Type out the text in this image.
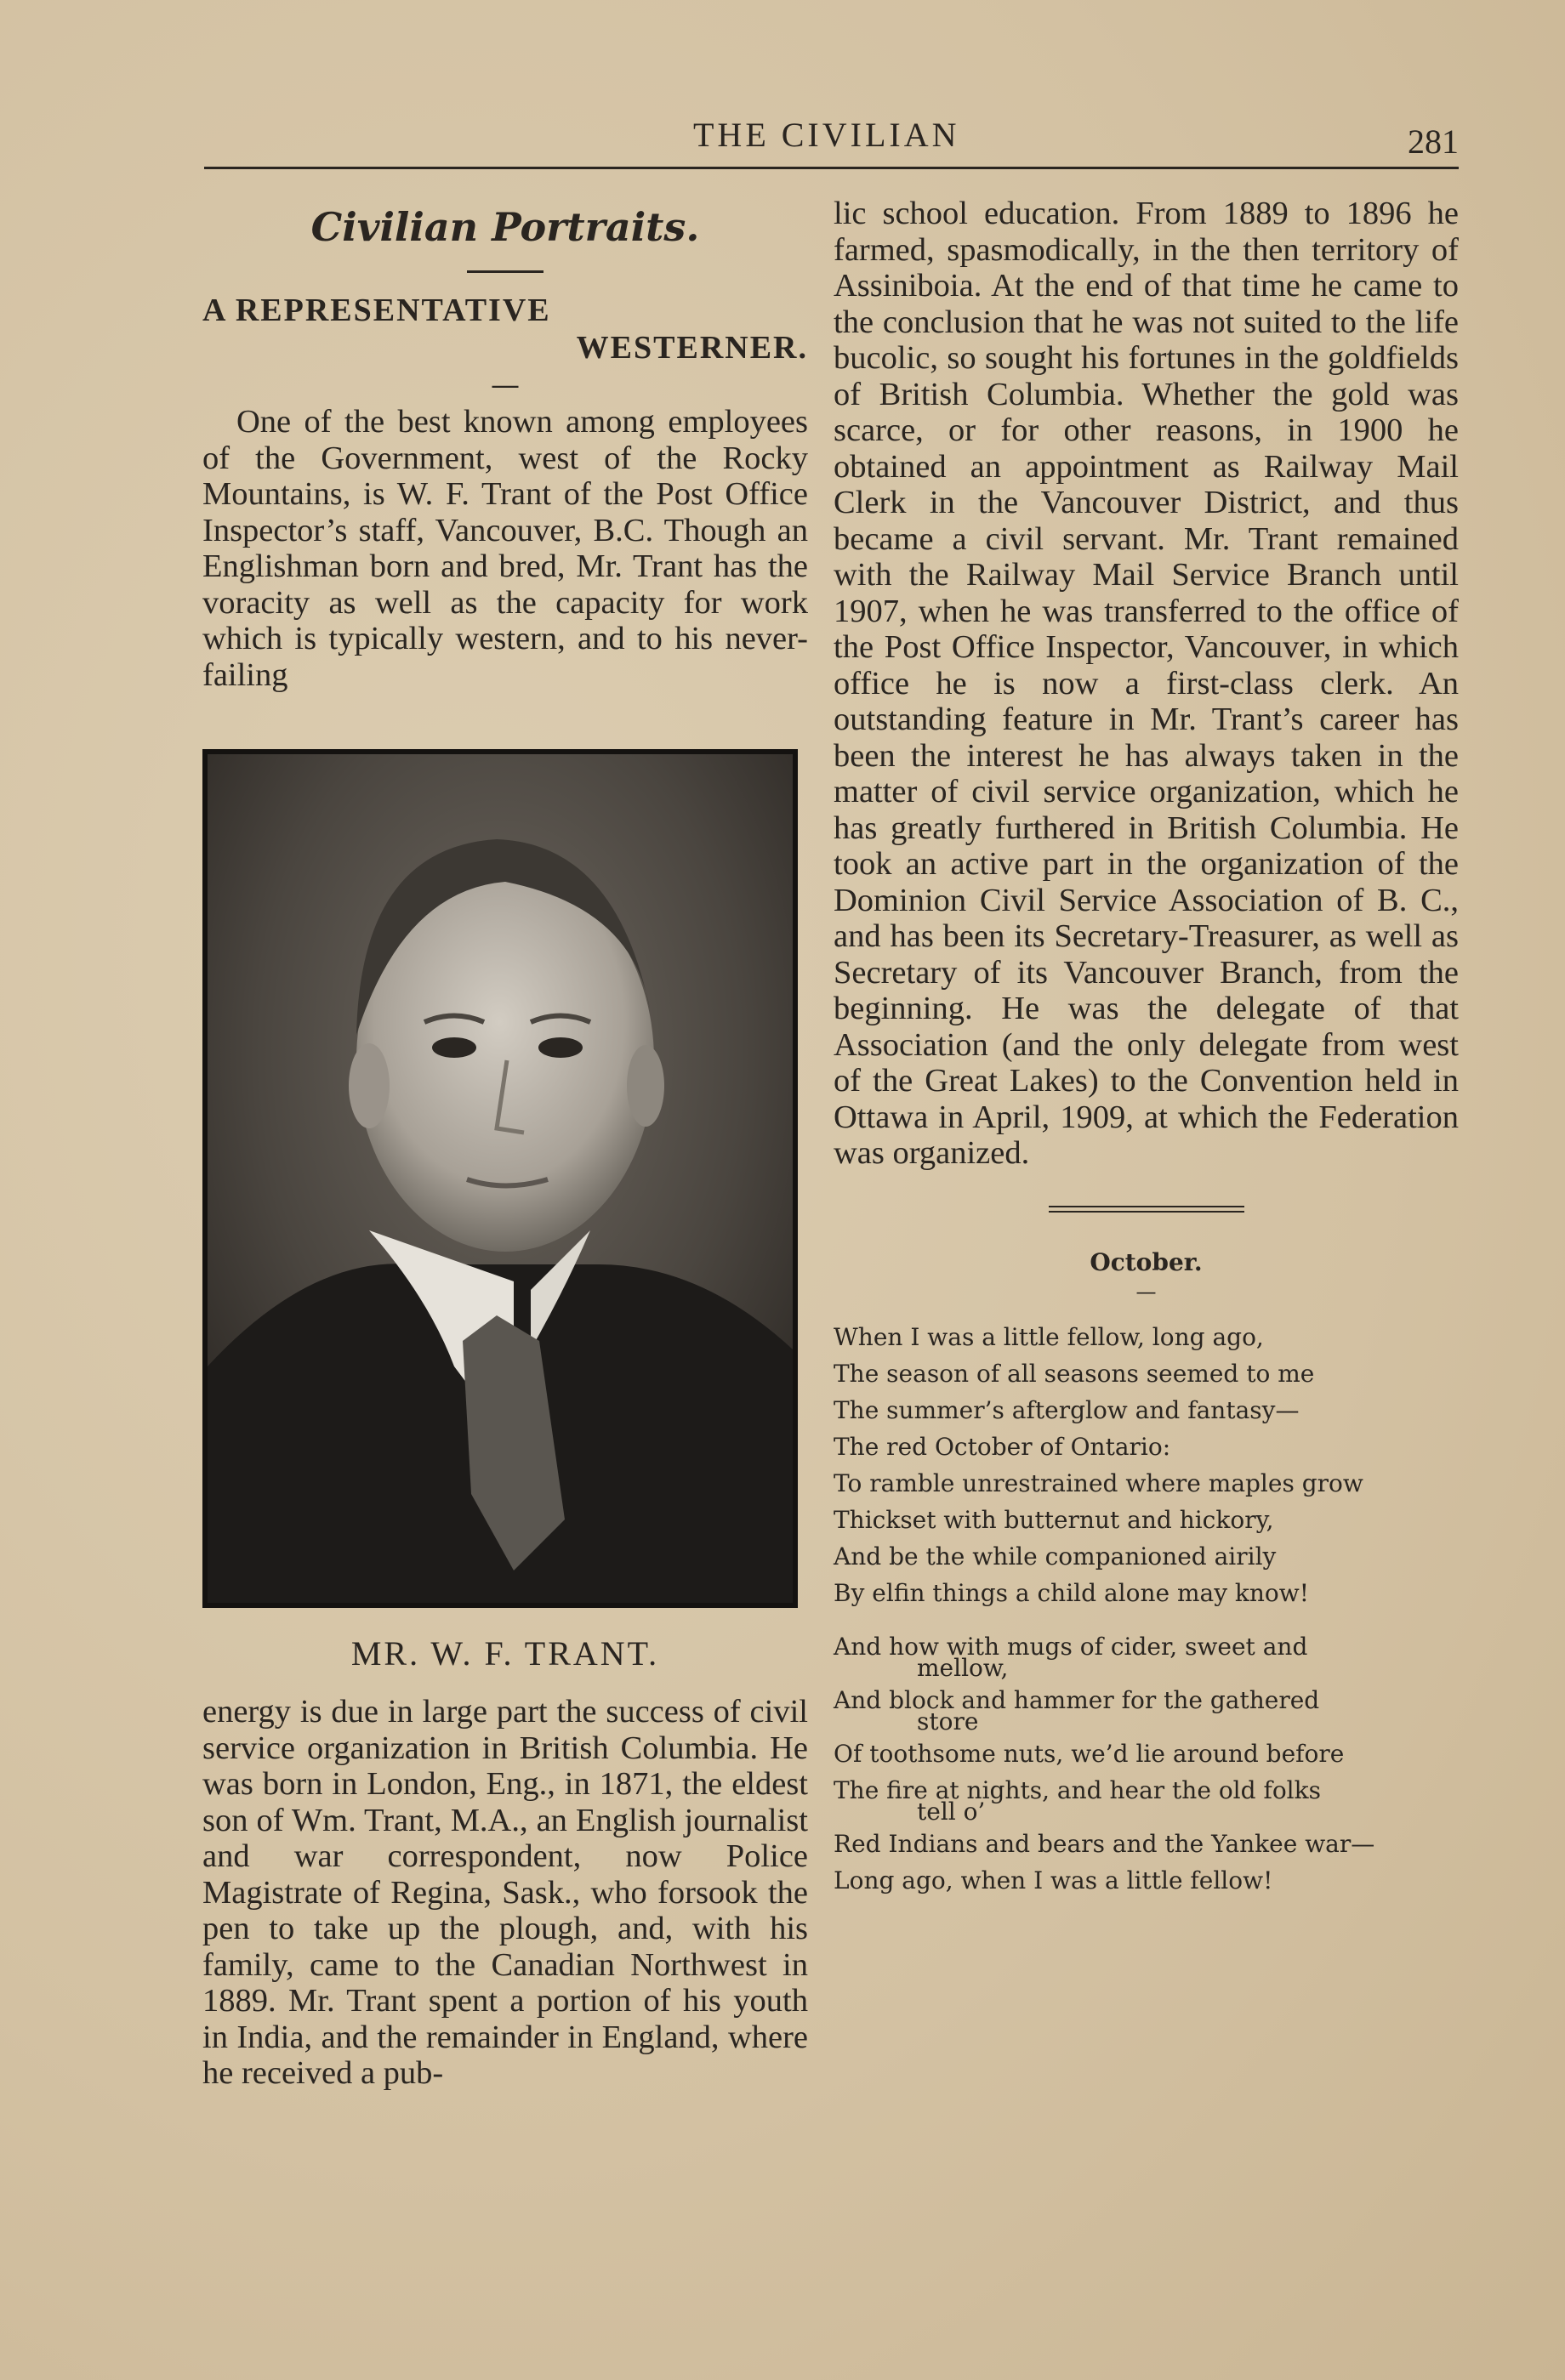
THE CIVILIAN	281
Civilian Portraits.

A REPRESENTATIVE

WESTERNER.

—

One of the best known among employees of the Government, west of the Rocky Mountains, is W. F. Trant of the Post Office Inspector’s staff, Vancouver, B.C. Though an Englishman born and bred, Mr. Trant has the voracity as well as the capacity for work which is typically western, and to his never-failing

MR. W. F. TRANT.

energy is due in large part the success of civil service organization in British Columbia. He was born in London, Eng., in 1871, the eldest son of Wm. Trant, M.A., an English journalist and war correspondent, now Police Magistrate of Regina, Sask., who forsook the pen to take up the plough, and, with his family, came to the Canadian Northwest in 1889. Mr. Trant spent a portion of his youth in India, and the remainder in England, where he received a pub-

lic school education. From 1889 to 1896 he farmed, spasmodically, in the then territory of Assiniboia. At the end of that time he came to the conclusion that he was not suited to the life bucolic, so sought his fortunes in the goldfields of British Columbia. Whether the gold was scarce, or for other reasons, in 1900 he obtained an appointment as Railway Mail Clerk in the Vancouver District, and thus became a civil servant. Mr. Trant remained with the Railway Mail Service Branch until 1907, when he was transferred to the office of the Post Office Inspector, Vancouver, in which office he is now a first-class clerk. An outstanding feature in Mr. Trant’s career has been the interest he has always taken in the matter of civil service organization, which he has greatly furthered in British Columbia. He took an active part in the organization of the Dominion Civil Service Association of B. C., and has been its Secretary-Treasurer, as well as Secretary of its Vancouver Branch, from the beginning. He was the delegate of that Association (and the only delegate from west of the Great Lakes) to the Convention held in Ottawa in April, 1909, at which the Federation was organized.

October.
—

When I was a little fellow, long ago,

The season of all seasons seemed to me

The summer’s afterglow and fantasy—

The red October of Ontario:

To ramble unrestrained where maples grow

Thickset with butternut and hickory,

And be the while companioned airily

By elfin things a child alone may know!

And how with mugs of cider, sweet and

mellow,

And block and hammer for the gathered

store

Of toothsome nuts, we’d lie around before

The fire at nights, and hear the old folks

tell o’

Red Indians and bears and the Yankee war—

Long ago, when I was a little fellow!
